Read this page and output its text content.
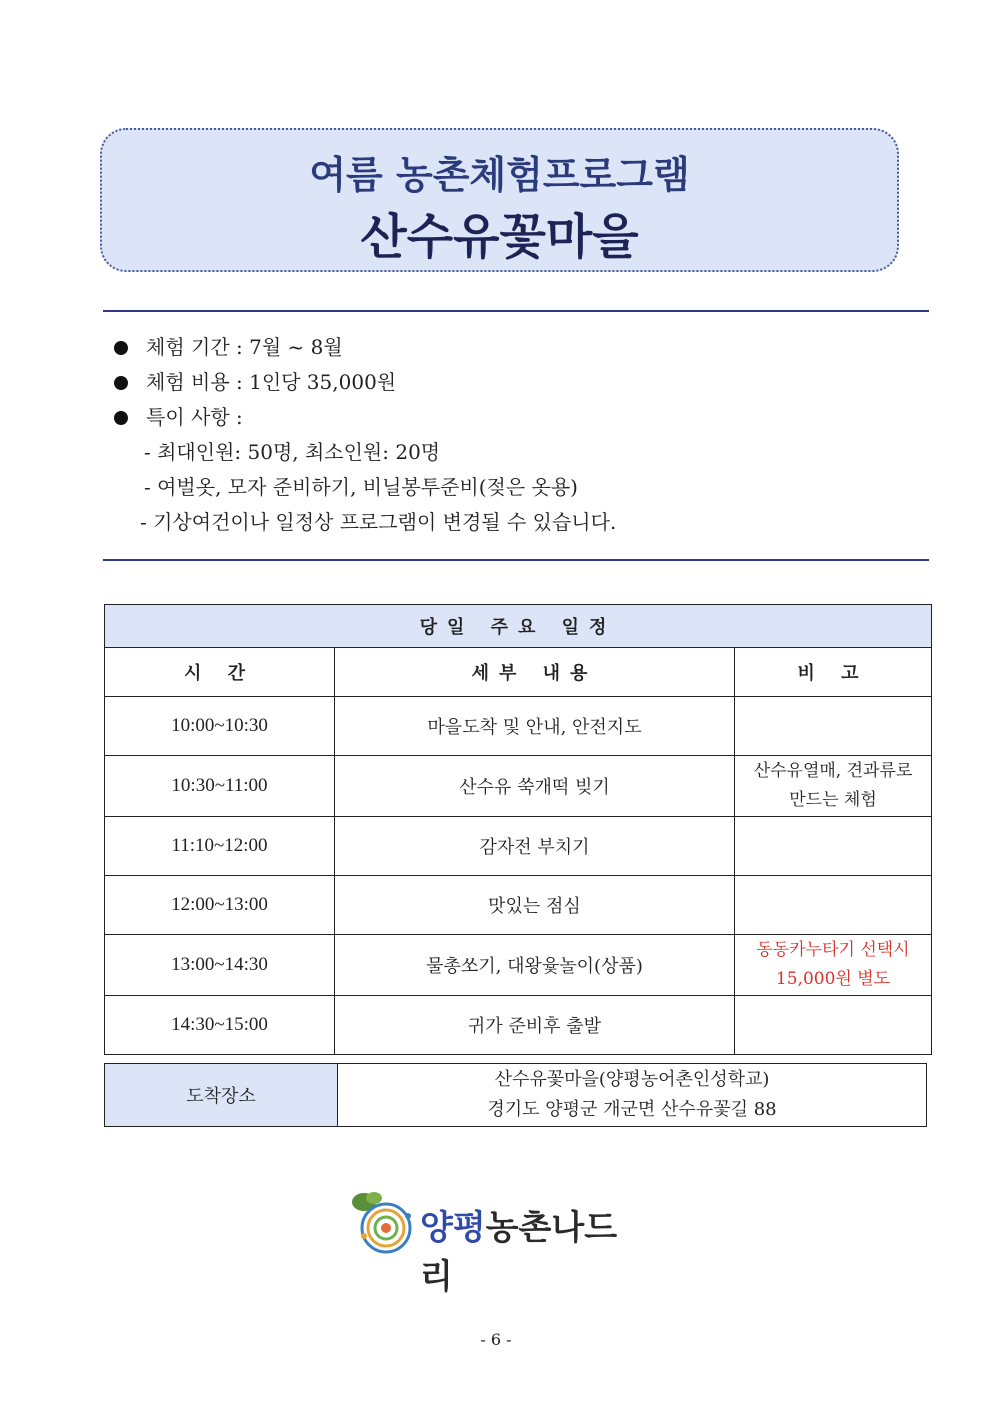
여름 농촌체험프로그램
산수유꽃마을
체험 기간 : 7월 ~ 8월
체험 비용 : 1인당 35,000원
특이 사항 :
- 최대인원: 50명, 최소인원: 20명
- 여벌옷, 모자 준비하기, 비닐봉투준비(젖은 옷용)
- 기상여건이나 일정상 프로그램이 변경될 수 있습니다.
당일 주요 일정		
시 간	세부 내용	비 고
10:00~10:30	마을도착 및 안내, 안전지도	
10:30~11:00	산수유 쑥개떡 빚기	산수유열매, 견과류로
만드는 체험

11:10~12:00	감자전 부치기	
12:00~13:00	맛있는 점심	
13:00~14:30	물총쏘기, 대왕윷놀이(상품)	동동카누타기 선택시
15,000원 별도

14:30~15:00	귀가 준비후 출발	
도착장소	
산수유꽃마을(양평농어촌인성학교)
경기도 양평군 개군면 산수유꽃길 88
양평농촌나드리
- 6 -
